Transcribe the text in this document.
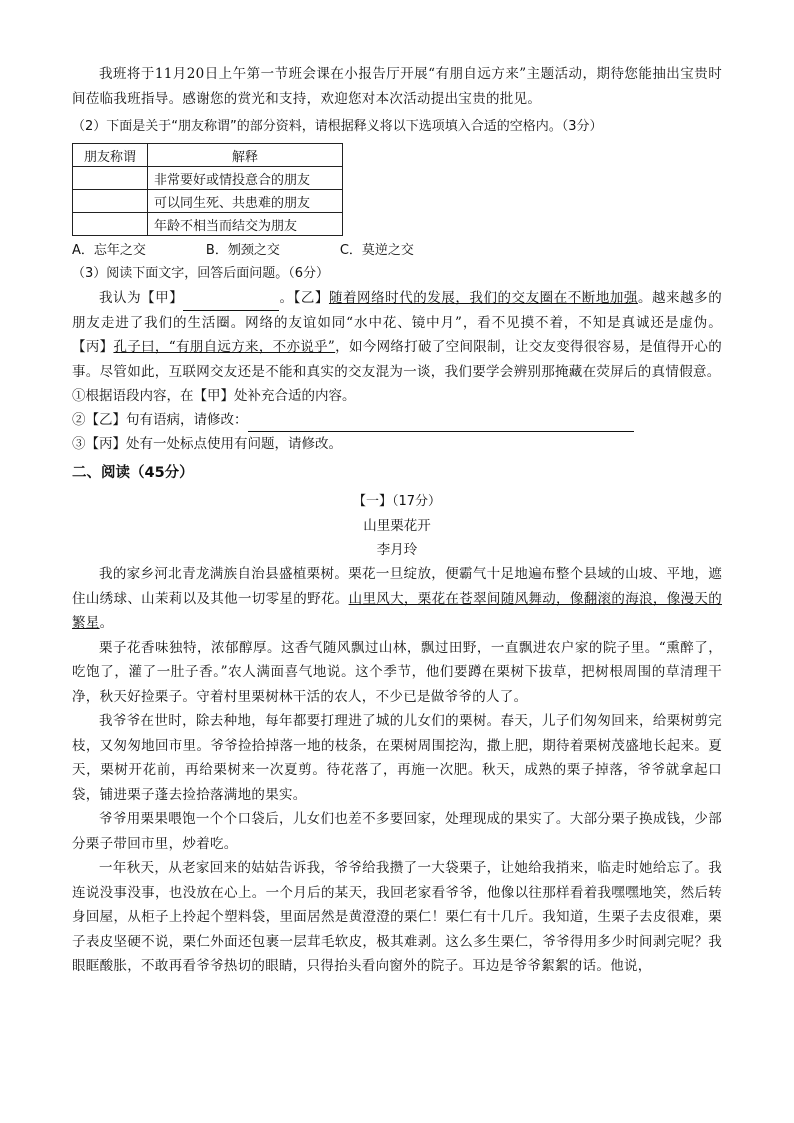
我班将于11月20日上午第一节班会课在小报告厅开展“有朋自远方来”主题活动，期待您能抽出宝贵时间莅临我班指导。感谢您的赏光和支持，欢迎您对本次活动提出宝贵的批见。

（2）下面是关于“朋友称谓”的部分资料，请根据释义将以下选项填入合适的空格内。（3分）

朋友称谓	解释
	非常要好或情投意合的朋友
	可以同生死、共患难的朋友
	年龄不相当而结交为朋友
A．忘年之交	B．刎颈之交	C．莫逆之交

（3）阅读下面文字，回答后面问题。（6分）

我认为【甲】	。【乙】随着网络时代的发展，我们的交友圈在不断地加强。越来越多的朋友走进了我们的生活圈。网络的友谊如同“水中花、镜中月”，看不见摸不着，不知是真诚还是虚伪。【丙】孔子曰，“有朋自远方来，不亦说乎”，如今网络打破了空间限制，让交友变得很容易，是值得开心的事。尽管如此，互联网交友还是不能和真实的交友混为一谈，我们要学会辨别那掩藏在荧屏后的真情假意。

①根据语段内容，在【甲】处补充合适的内容。

②【乙】句有语病，请修改：

③【丙】处有一处标点使用有问题，请修改。

二、阅读（45分）

【一】（17分）

山里栗花开

李月玲

我的家乡河北青龙满族自治县盛植栗树。栗花一旦绽放，便霸气十足地遍布整个县域的山坡、平地，遮住山绣球、山茉莉以及其他一切零星的野花。山里风大，栗花在苍翠间随风舞动，像翻滚的海浪，像漫天的繁星。

栗子花香味独特，浓郁醇厚。这香气随风飘过山林，飘过田野，一直飘进农户家的院子里。“熏醉了，吃饱了，灌了一肚子香。”农人满面喜气地说。这个季节，他们要蹲在栗树下拔草，把树根周围的草清理干净，秋天好捡栗子。守着村里栗树林干活的农人，不少已是做爷爷的人了。

我爷爷在世时，除去种地，每年都要打理进了城的儿女们的栗树。春天，儿子们匆匆回来，给栗树剪完枝，又匆匆地回市里。爷爷捡拾掉落一地的枝条，在栗树周围挖沟，撒上肥，期待着栗树茂盛地长起来。夏天，栗树开花前，再给栗树来一次夏剪。待花落了，再施一次肥。秋天，成熟的栗子掉落，爷爷就拿起口袋，铺进栗子蓬去捡拾落满地的果实。

爷爷用栗果喂饱一个个口袋后，儿女们也差不多要回家，处理现成的果实了。大部分栗子换成钱，少部分栗子带回市里，炒着吃。

一年秋天，从老家回来的姑姑告诉我，爷爷给我攒了一大袋栗子，让她给我捎来，临走时她给忘了。我连说没事没事，也没放在心上。一个月后的某天，我回老家看爷爷，他像以往那样看着我嘿嘿地笑，然后转身回屋，从柜子上拎起个塑料袋，里面居然是黄澄澄的栗仁！栗仁有十几斤。我知道，生栗子去皮很难，栗子表皮坚硬不说，栗仁外面还包裹一层茸毛软皮，极其难剥。这么多生栗仁，爷爷得用多少时间剥完呢？我眼眶酸胀，不敢再看爷爷热切的眼睛，只得抬头看向窗外的院子。耳边是爷爷絮絮的话。他说，
